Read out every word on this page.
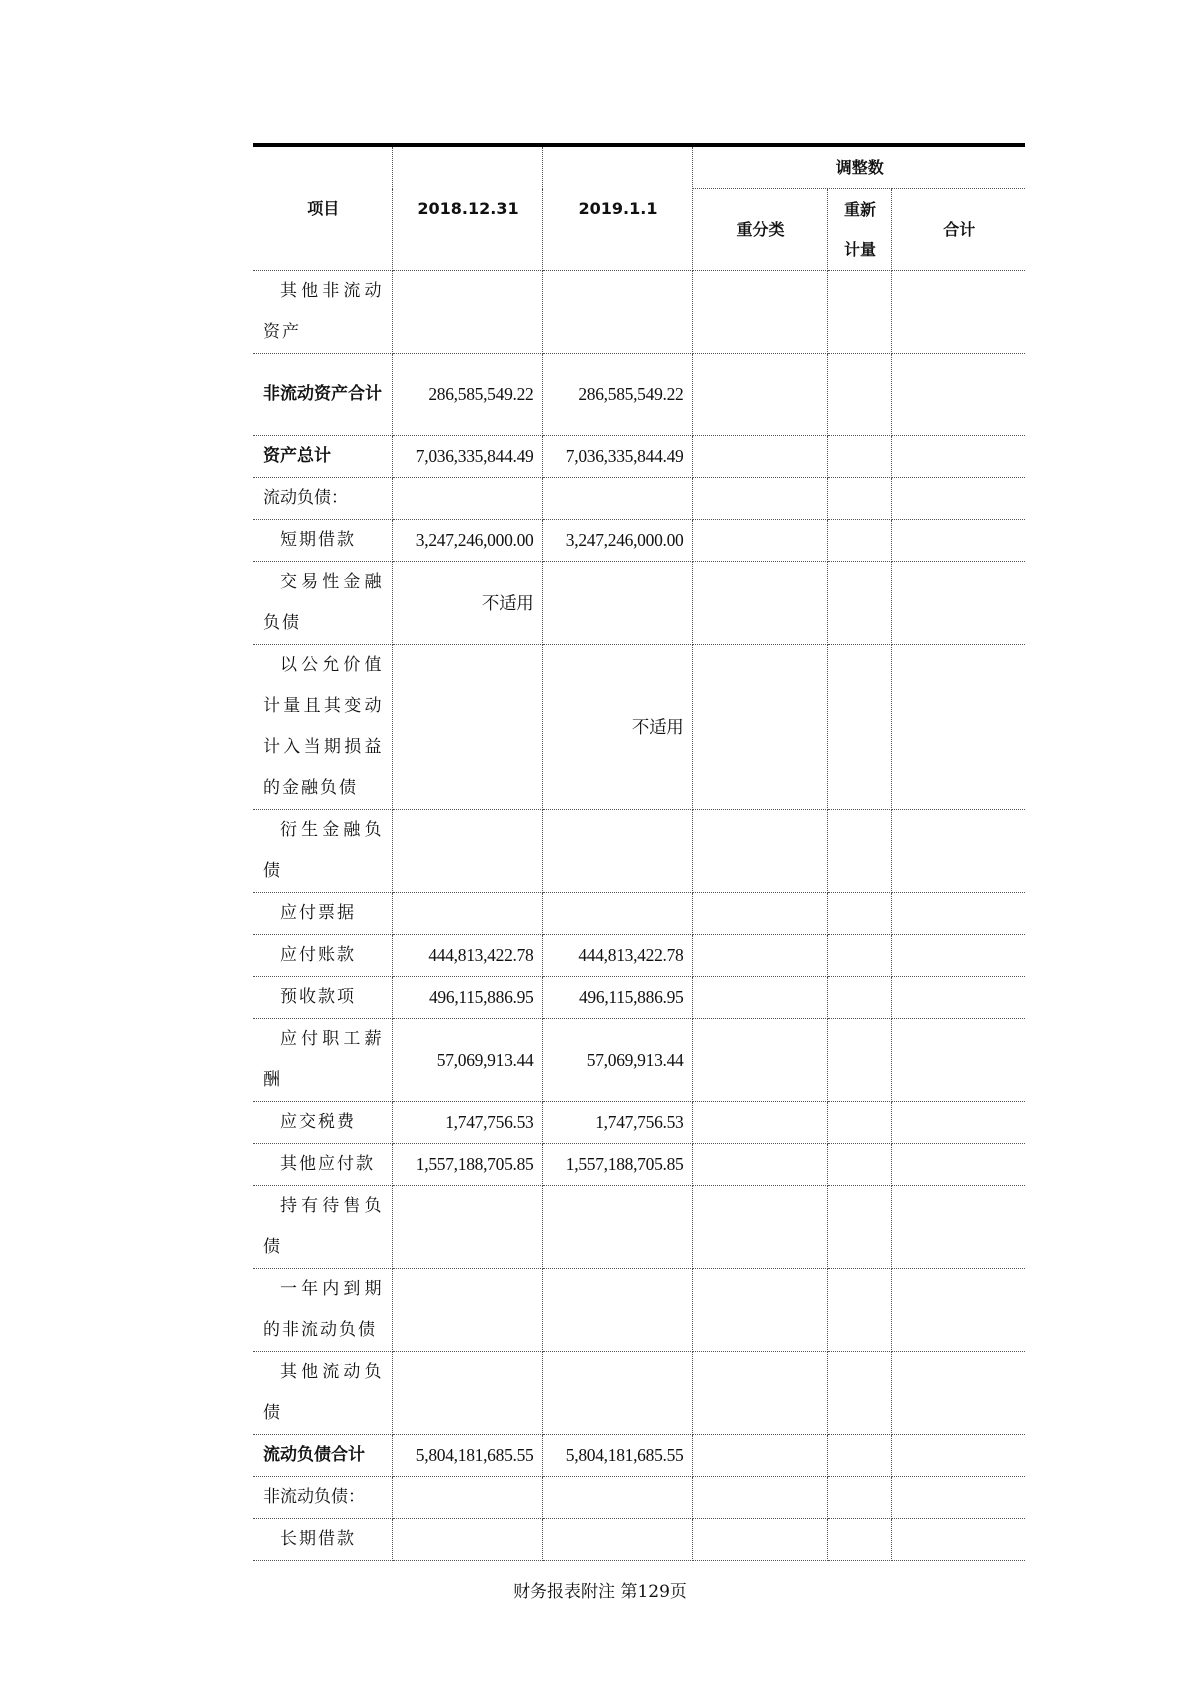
项目	2018.12.31	2019.1.1	调整数		
			重分类	重新计量	合计

其他非流动资产					

非流动资产合计	286,585,549.22	286,585,549.22			

资产总计	7,036,335,844.49	7,036,335,844.49			

流动负债：					

短期借款	3,247,246,000.00	3,247,246,000.00			

交易性金融负债	不适用				

以公允价值计量且其变动计入当期损益的金融负债		不适用			

衍生金融负债					

应付票据					

应付账款	444,813,422.78	444,813,422.78			

预收款项	496,115,886.95	496,115,886.95			

应付职工薪酬	57,069,913.44	57,069,913.44			

应交税费	1,747,756.53	1,747,756.53			

其他应付款	1,557,188,705.85	1,557,188,705.85			

持有待售负债					

一年内到期的非流动负债					

其他流动负债					

流动负债合计	5,804,181,685.55	5,804,181,685.55			

非流动负债：					

长期借款					

财务报表附注 第129页
